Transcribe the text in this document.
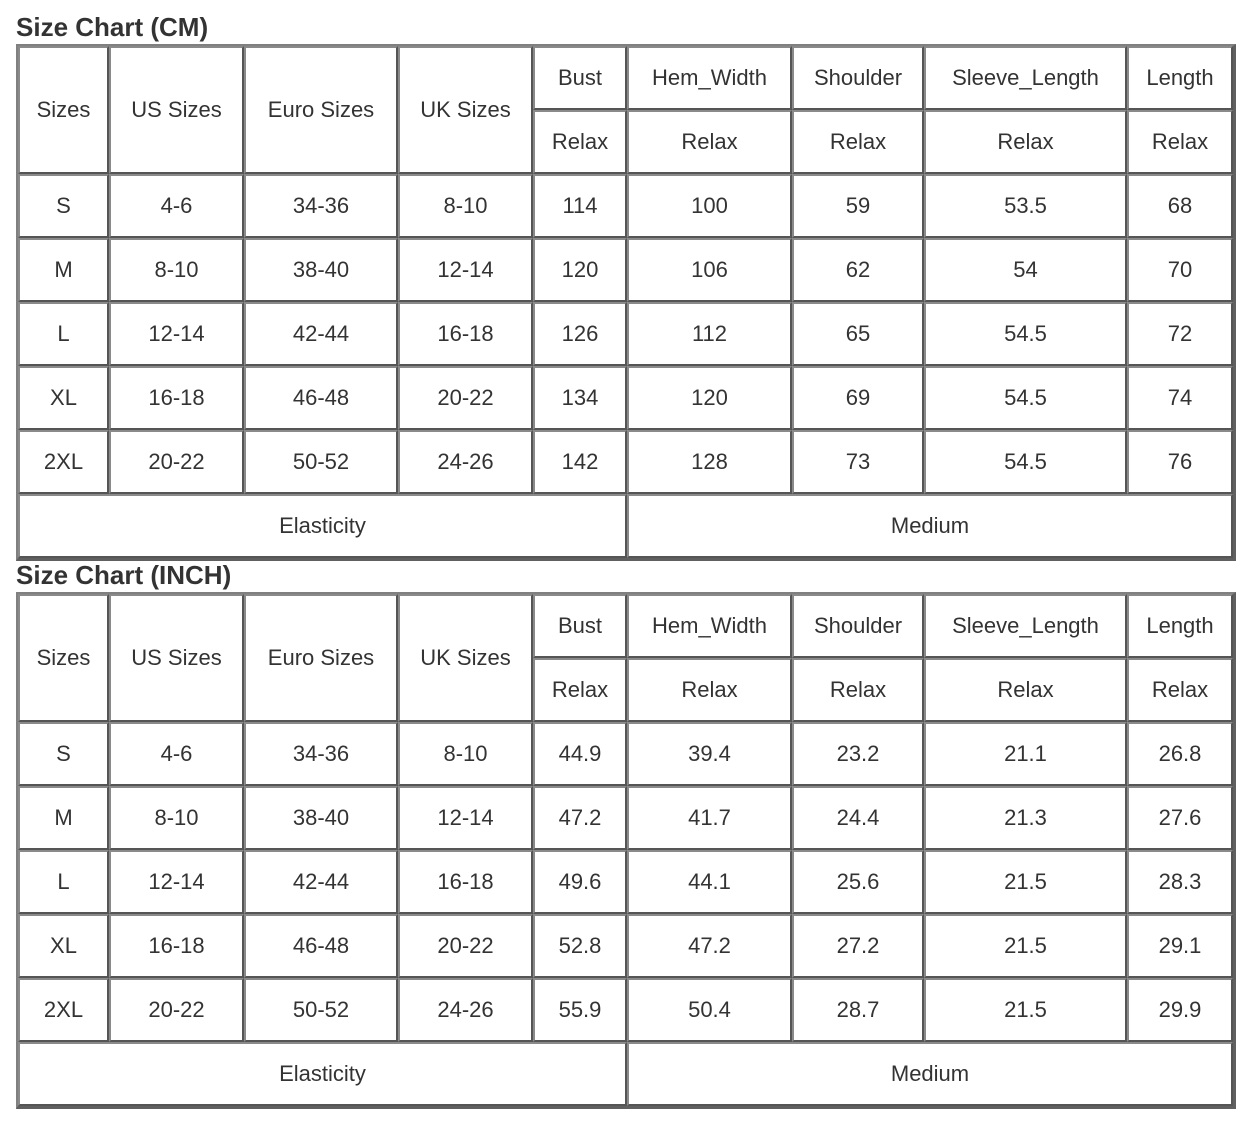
Size Chart (CM)
Sizes	US Sizes	Euro Sizes	UK Sizes	Bust	Hem_Width	Shoulder	Sleeve_Length	Length
				Relax	Relax	Relax	Relax	Relax
S	4-6	34-36	8-10	114	100	59	53.5	68
M	8-10	38-40	12-14	120	106	62	54	70
L	12-14	42-44	16-18	126	112	65	54.5	72
XL	16-18	46-48	20-22	134	120	69	54.5	74
2XL	20-22	50-52	24-26	142	128	73	54.5	76
Elasticity					Medium			
Size Chart (INCH)
Sizes	US Sizes	Euro Sizes	UK Sizes	Bust	Hem_Width	Shoulder	Sleeve_Length	Length
				Relax	Relax	Relax	Relax	Relax
S	4-6	34-36	8-10	44.9	39.4	23.2	21.1	26.8
M	8-10	38-40	12-14	47.2	41.7	24.4	21.3	27.6
L	12-14	42-44	16-18	49.6	44.1	25.6	21.5	28.3
XL	16-18	46-48	20-22	52.8	47.2	27.2	21.5	29.1
2XL	20-22	50-52	24-26	55.9	50.4	28.7	21.5	29.9
Elasticity					Medium			
